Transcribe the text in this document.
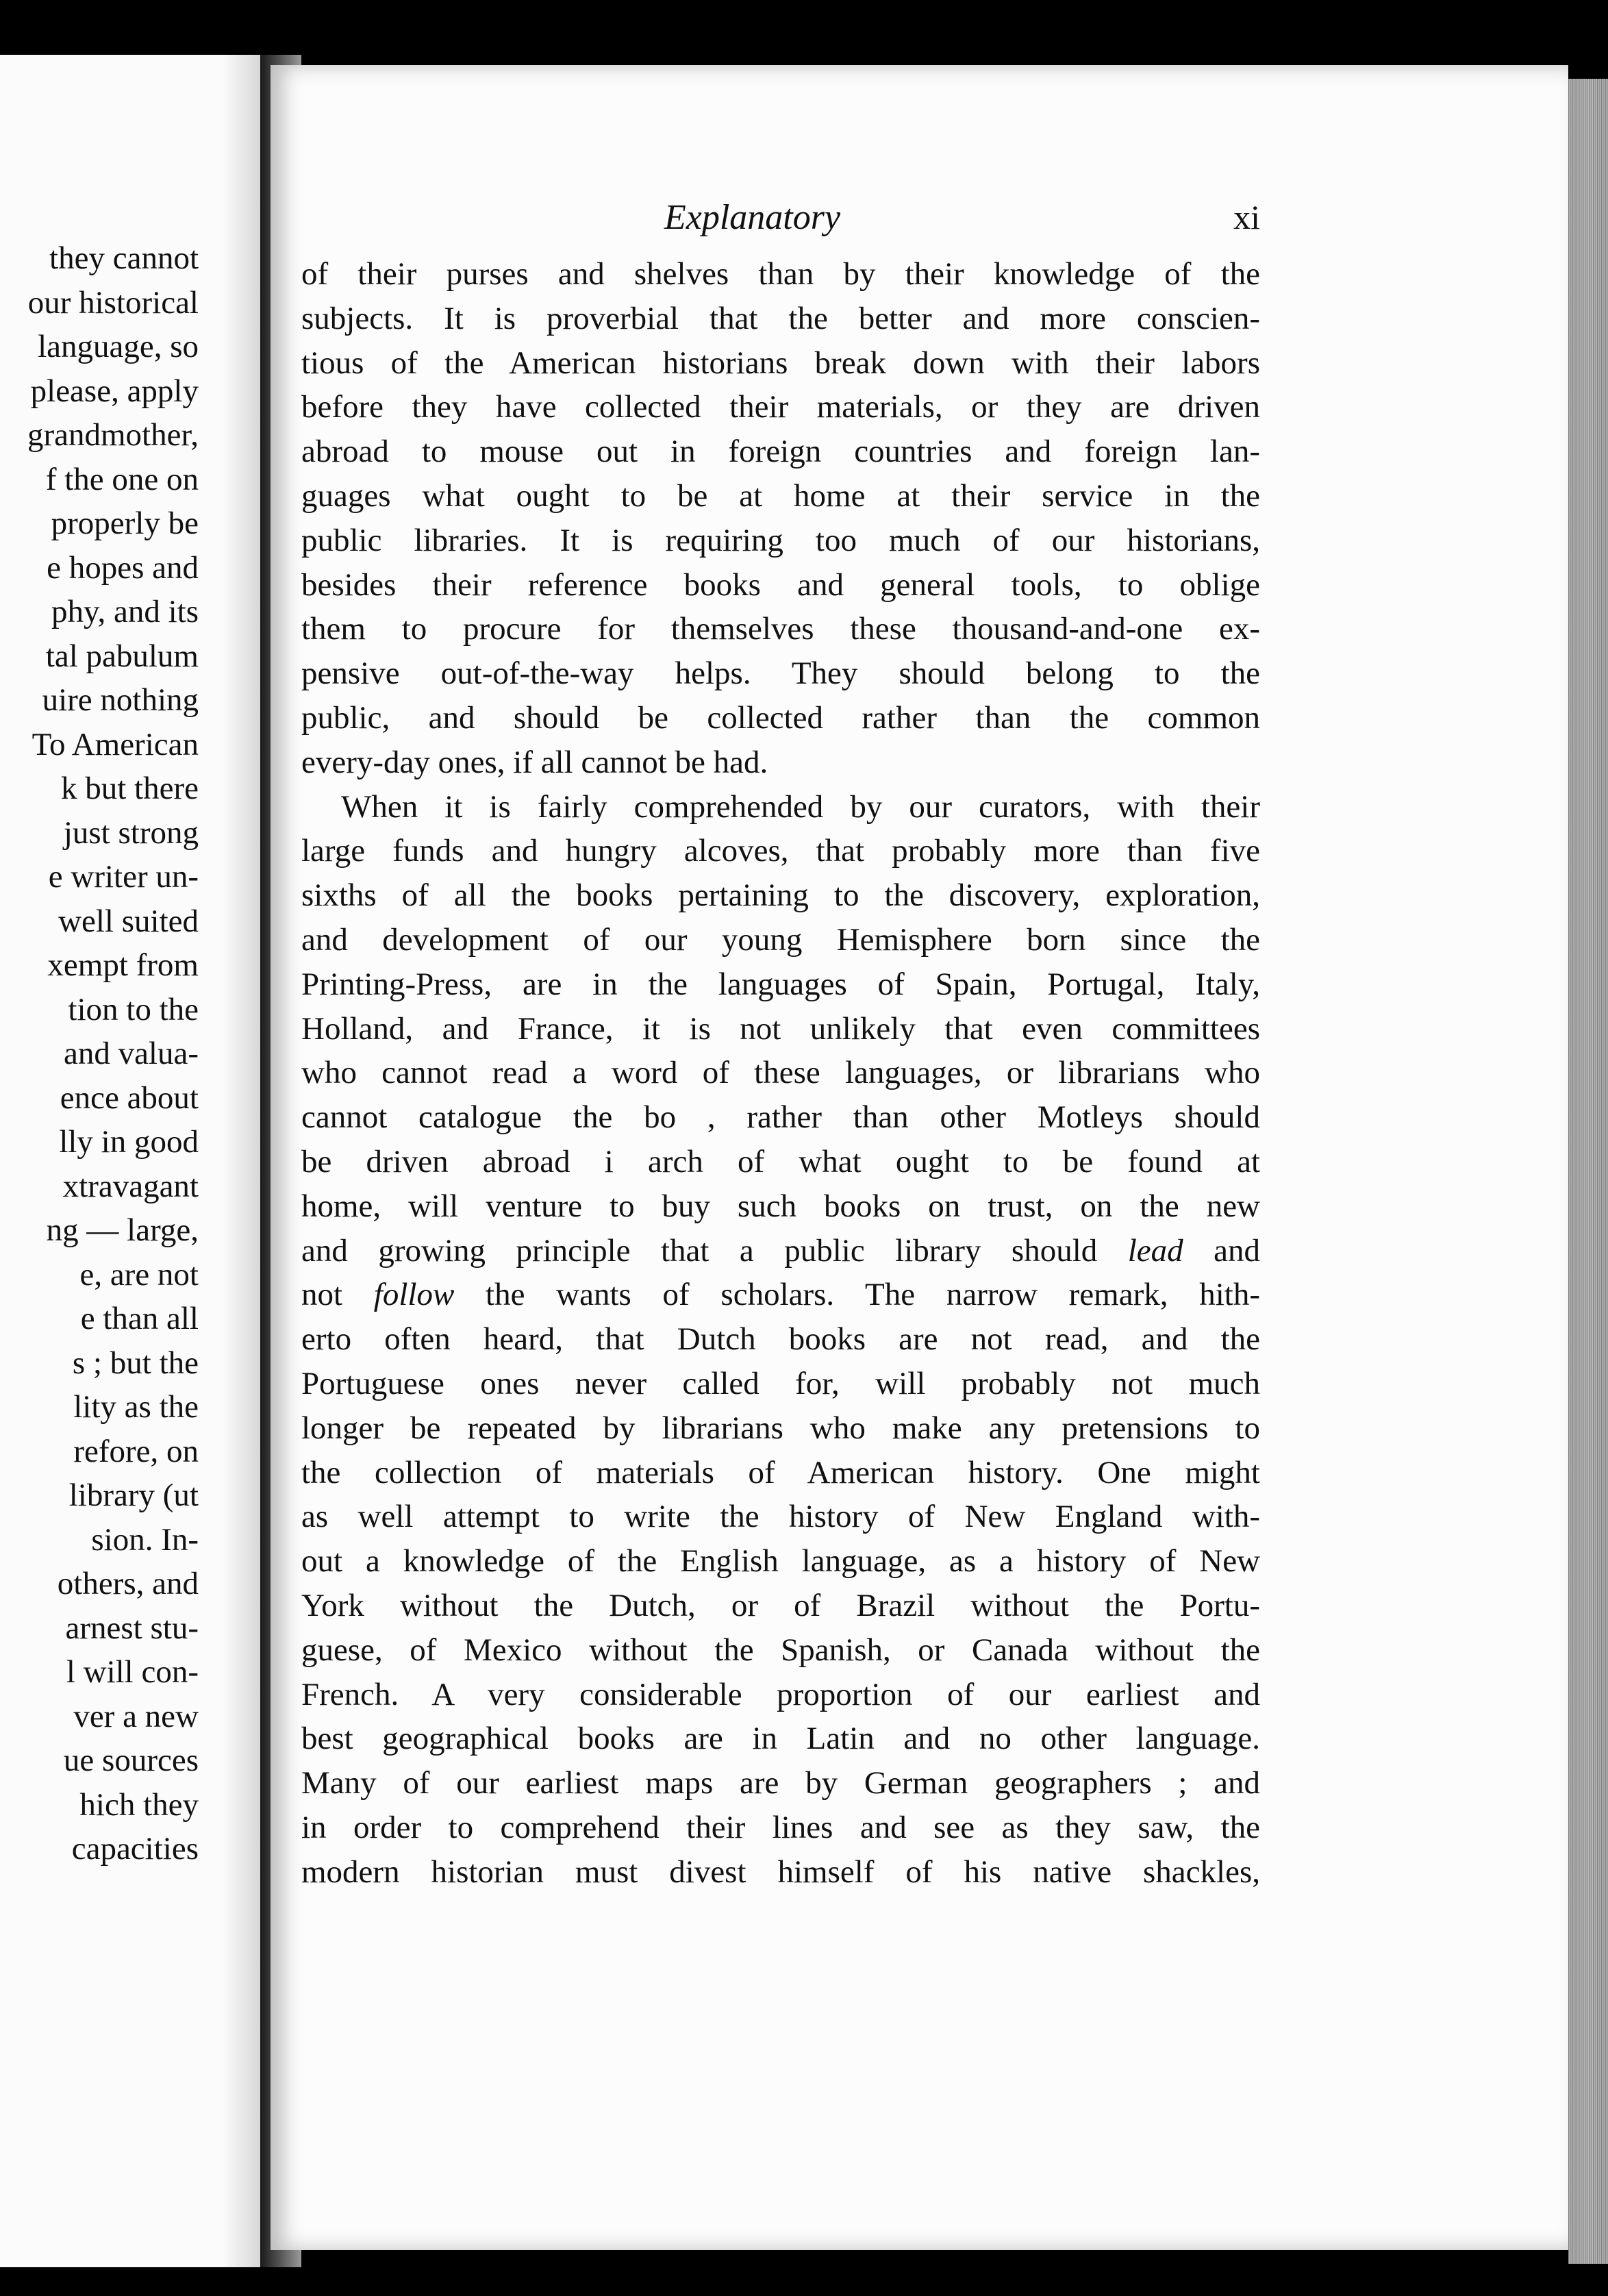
they cannot
our historical
language, so
please, apply
grandmother,
f the one on
properly be
e hopes and
phy, and its
tal pabulum
uire nothing
To American
k but there
just strong
e writer un-
well suited
xempt from
tion to the
and valua-
ence about
lly in good
xtravagant
ng — large,
e, are not
e than all
s ; but the
lity as the
refore, on
library (ut
sion. In-
others, and
arnest stu-
l will con-
ver a new
ue sources
hich they
capacities
Explanatory	xi
of their purses and shelves than by their knowledge of the
subjects. It is proverbial that the better and more conscien-
tious of the American historians break down with their labors
before they have collected their materials, or they are driven
abroad to mouse out in foreign countries and foreign lan-
guages what ought to be at home at their service in the
public libraries. It is requiring too much of our historians,
besides their reference books and general tools, to oblige
them to procure for themselves these thousand-and-one ex-
pensive out-of-the-way helps. They should belong to the
public, and should be collected rather than the common
every-day ones, if all cannot be had.
When it is fairly comprehended by our curators, with their
large funds and hungry alcoves, that probably more than five
sixths of all the books pertaining to the discovery, exploration,
and development of our young Hemisphere born since the
Printing-Press, are in the languages of Spain, Portugal, Italy,
Holland, and France, it is not unlikely that even committees
who cannot read a word of these languages, or librarians who
cannot catalogue the bo , rather than other Motleys should
be driven abroad i arch of what ought to be found at
home, will venture to buy such books on trust, on the new
and growing principle that a public library should lead and
not follow the wants of scholars. The narrow remark, hith-
erto often heard, that Dutch books are not read, and the
Portuguese ones never called for, will probably not much
longer be repeated by librarians who make any pretensions to
the collection of materials of American history. One might
as well attempt to write the history of New England with-
out a knowledge of the English language, as a history of New
York without the Dutch, or of Brazil without the Portu-
guese, of Mexico without the Spanish, or Canada without the
French. A very considerable proportion of our earliest and
best geographical books are in Latin and no other language.
Many of our earliest maps are by German geographers ; and
in order to comprehend their lines and see as they saw, the
modern historian must divest himself of his native shackles,
